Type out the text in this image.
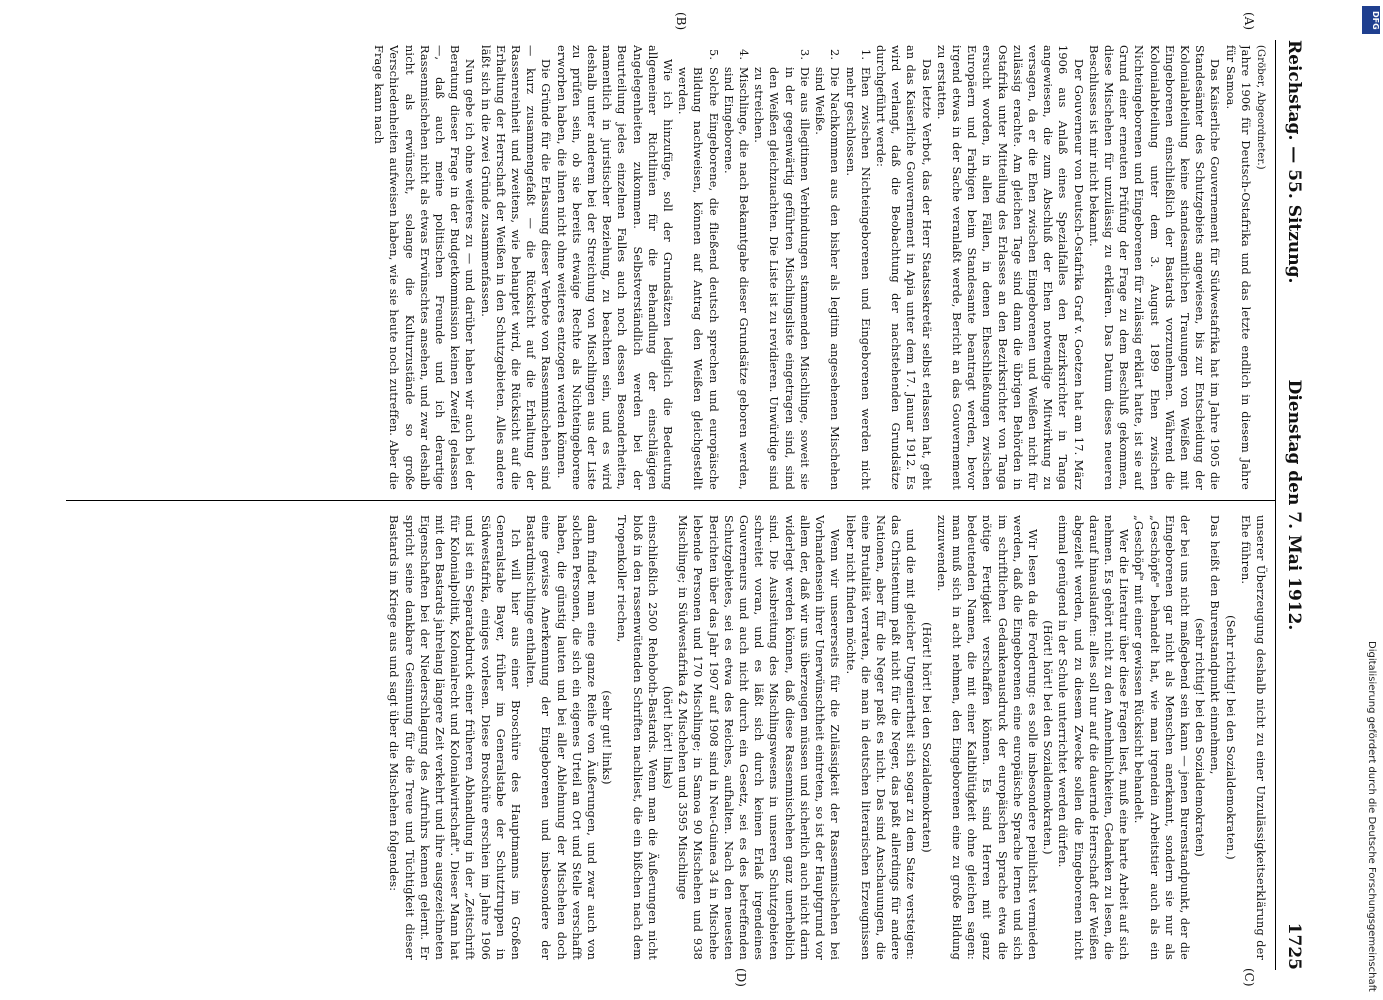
Reichstag. — 55. Sitzung.
Dienstag den 7. Mai 1912.
1725
(A)
(B)
(C)
(D)

(Gröber, Abgeordneter.)

Jahre 1906 für Deutsch-Ostafrika und das letzte endlich in diesem Jahre für Samoa.

Das Kaiserliche Gouvernement für Südwestafrika hat im Jahre 1905 die Standesämter des Schutzgebiets angewiesen, bis zur Entscheidung der Kolonialabteilung keine standesamtlichen Trauungen von Weißen mit Eingeborenen einschließlich der Bastards vorzunehmen. Während die Kolonialabteilung unter dem 3. August 1899 Ehen zwischen Nichteingeborenen und Eingeborenen für zulässig erklärt hatte, ist sie auf Grund einer erneuten Prüfung der Frage zu dem Beschluß gekommen, diese Mischehen für unzulässig zu erklären. Das Datum dieses neueren Beschlusses ist mir nicht bekannt.

Der Gouverneur von Deutsch-Ostafrika Graf v. Goetzen hat am 17. März 1906 aus Anlaß eines Spezialfalles den Bezirksrichter in Tanga angewiesen, die zum Abschluß der Ehen notwendige Mitwirkung zu versagen, da er die Ehen zwischen Eingeborenen und Weißen nicht für zulässig erachte. Am gleichen Tage sind dann die übrigen Behörden in Ostafrika unter Mitteilung des Erlasses an den Bezirksrichter von Tanga ersucht worden, in allen Fällen, in denen Eheschließungen zwischen Europäern und Farbigen beim Standesamte beantragt werden, bevor irgend etwas in der Sache veranlaßt werde, Bericht an das Gouvernement zu erstatten.

Das letzte Verbot, das der Herr Staatssekretär selbst erlassen hat, geht an das Kaiserliche Gouvernement in Apia unter dem 17. Januar 1912. Es wird verlangt, daß die Beobachtung der nachstehenden Grundsätze durchgeführt werde:

1.
Ehen zwischen Nichteingeborenen und Eingeborenen werden nicht mehr geschlossen.

2.
Die Nachkommen aus den bisher als legitim angesehenen Mischehen sind Weiße.

3.
Die aus illegitimen Verbindungen stammenden Mischlinge, soweit sie in der gegenwärtig geführten Mischlingsliste eingetragen sind, sind den Weißen gleichzuachten. Die Liste ist zu revidieren. Unwürdige sind zu streichen.

4.
Mischlinge, die nach Bekanntgabe dieser Grundsätze geboren werden, sind Eingeborene.

5.
Solche Eingeborene, die fließend deutsch sprechen und europäische Bildung nachweisen, können auf Antrag den Weißen gleichgestellt werden.

Wie ich hinzufüge, soll der Grundsätzen lediglich die Bedeutung allgemeiner Richtlinien für die Behandlung der einschlägigen Angelegenheiten zukommen. Selbstverständlich werden bei der Beurteilung jedes einzelnen Falles auch noch dessen Besonderheiten, namentlich in juristischer Beziehung, zu beachten sein, und es wird deshalb unter anderem bei der Streichung von Mischlingen aus der Liste zu prüfen sein, ob sie bereits etwaige Rechte als Nichteingeborene erworben haben, die ihnen nicht ohne weiteres entzogen werden können.

Die Gründe für die Erlassung dieser Verbote von Rassenmischehen sind — kurz zusammengefaßt — die Rücksicht auf die Erhaltung der Rassenreinheit und zweitens, wie behauptet wird, die Rücksicht auf die Erhaltung der Herrschaft der Weißen in den Schutzgebieten. Alles andere läßt sich in die zwei Gründe zusammenfassen.

Nun gebe ich ohne weiteres zu — und darüber haben wir auch bei der Beratung dieser Frage in der Budgetkommission keinen Zweifel gelassen —, daß auch meine politischen Freunde und ich derartige Rassenmischehen nicht als etwas Erwünschtes ansehen, und zwar deshalb nicht als erwünscht, solange die Kulturzustände so große Verschiedenheiten aufweisen haben, wie sie heute noch zutreffen. Aber die Frage kann nach

unserer Überzeugung deshalb nicht zu einer Unzulässigkeitserklärung der Ehe führen.

(Sehr richtig! bei den Sozialdemokraten.)

Das heißt den Burenstandpunkt einnehmen,

(sehr richtig! bei den Sozialdemokraten)

der bei uns nicht maßgebend sein kann — jenen Burenstandpunkt, der die Eingeborenen gar nicht als Menschen anerkannt, sondern sie nur als „Geschöpfe" behandelt hat, wie man irgendein Arbeitstier auch als ein „Geschöpf" mit einer gewissen Rücksicht behandelt.

Wer die Literatur über diese Fragen liest, muß eine harte Arbeit auf sich nehmen. Es gehört nicht zu den Annehmlichkeiten, Gedanken zu lesen, die darauf hinauslaufen: alles soll nur auf die dauernde Herrschaft der Weißen abgezielt werden, und zu diesem Zwecke sollen die Eingeborenen nicht einmal genügend in der Schule unterrichtet werden dürfen.

(Hört! hört! bei den Sozialdemokraten.)

Wir lesen da die Forderung: es solle insbesondere peinlichst vermieden werden, daß die Eingeborenen eine europäische Sprache lernen und sich im schriftlichen Gedankenausdruck der europäischen Sprache etwa die nötige Fertigkeit verschaffen können. Es sind Herren mit ganz bedeutenden Namen, die mit einer Kaltblütigkeit ohne gleichen sagen: man muß sich in acht nehmen, den Eingeborenen eine zu große Bildung zuzuwenden.

(Hört! hört! bei den Sozialdemokraten)

und die mit gleicher Ungeniertheit sich sogar zu dem Satze versteigen: das Christentum paßt nicht für die Neger, das paßt allerdings für andere Nationen, aber für die Neger paßt es nicht. Das sind Anschauungen, die eine Brutalität verraten, die man in deutschen literarischen Erzeugnissen lieber nicht finden möchte.

Wenn wir unsererseits für die Zulässigkeit der Rassenmischehen bei Vorhandensein ihrer Unerwünschtheit eintreten, so ist der Hauptgrund vor allem der, daß wir uns überzeugen müssen und sicherlich auch nicht darin widerlegt werden können, daß diese Rassenmischehen ganz unerheblich sind. Die Ausbreitung des Mischlingswesens in unseren Schutzgebieten schreitet voran, und es läßt sich durch keinen Erlaß irgendeines Gouverneurs und auch nicht durch ein Gesetz, sei es des betreffenden Schutzgebietes, sei es etwa des Reiches, aufhalten. Nach den neuesten Berichten über das Jahr 1907 auf 1908 sind in Neu-Guinea 34 in Mischehe lebende Personen und 170 Mischlinge; in Samoa 90 Mischehen und 938 Mischlinge; in Südwestafrika 42 Mischehen und 3595 Mischlinge

(hört! hört! links)

einschließlich 2500 Rehoboth-Bastards. Wenn man die Äußerungen nicht bloß in den rassenwütenden Schriften nachliest, die ein bißchen nach dem Tropenkoller riechen,

(sehr gut! links)

dann findet man eine ganze Reihe von Äußerungen, und zwar auch von solchen Personen, die sich ein eigenes Urteil an Ort und Stelle verschafft haben, die günstig lauten und bei aller Ablehnung der Mischehen doch eine gewisse Anerkennung der Eingeborenen und insbesondere der Bastardmischlinge enthalten.

Ich will hier aus einer Broschüre des Hauptmanns im Großen Generalstabe Bayer, früher im Generalstabe der Schutztruppen in Südwestafrika, einiges vorlesen. Diese Broschüre erschien im Jahre 1906 und ist ein Separatabdruck einer früheren Abhandlung in der „Zeitschrift für Kolonialpolitik, Kolonialrecht und Kolonialwirtschaft". Dieser Mann hat mit den Bastards jahrelang längere Zeit verkehrt und ihre ausgezeichneten Eigenschaften bei der Niederschlagung des Aufruhrs kennen gelernt. Er spricht seine dankbare Gesinnung für die Treue und Tüchtigkeit dieser Bastards im Kriege aus und sagt über die Mischehen folgendes:	Digitalisierung gefördert durch die Deutsche Forschungsgemeinschaft
DFG
